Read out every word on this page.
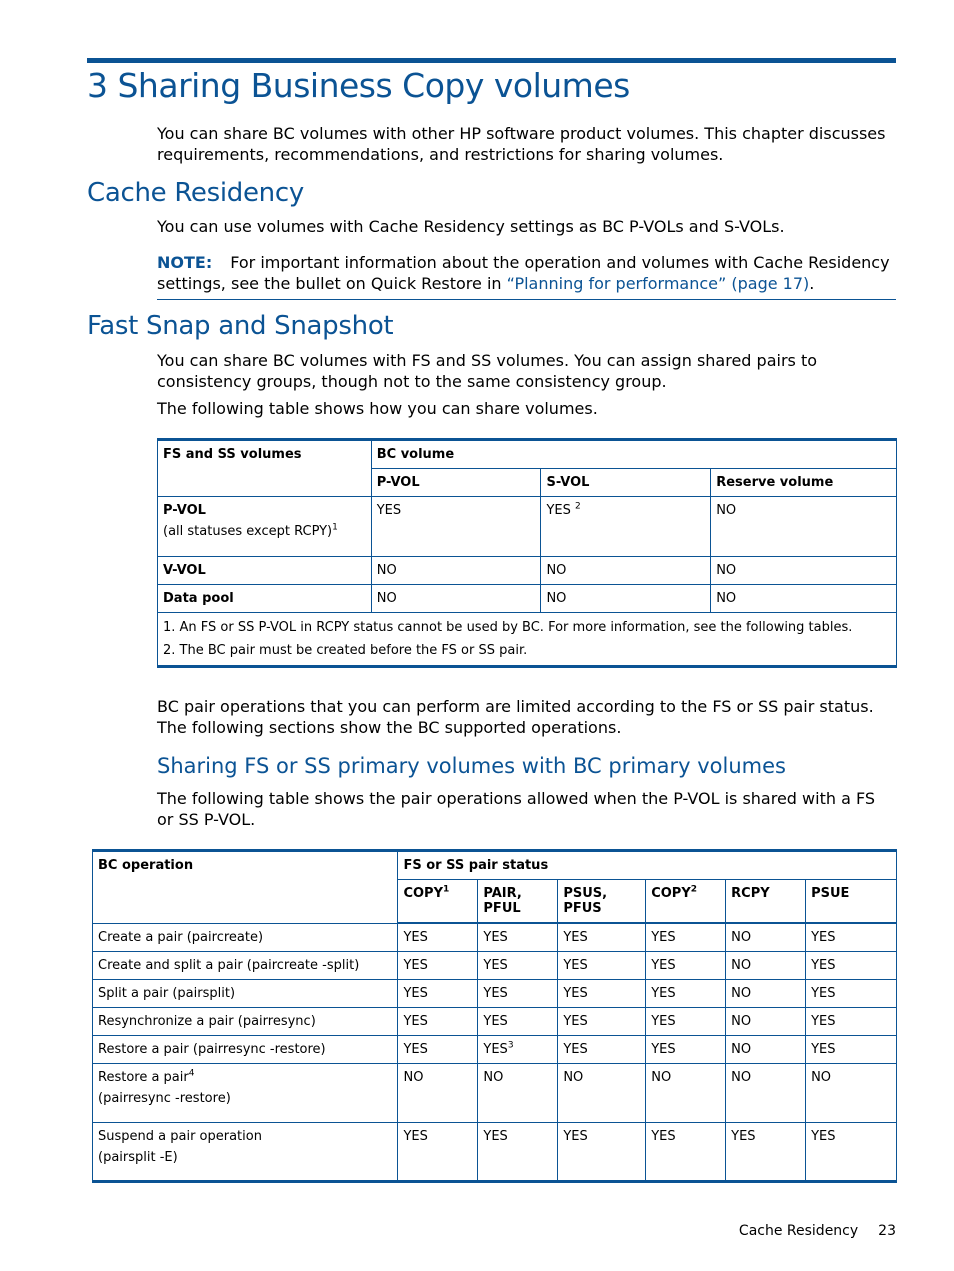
3 Sharing Business Copy volumes

You can share BC volumes with other HP software product volumes. This chapter discusses requirements, recommendations, and restrictions for sharing volumes.

Cache Residency

You can use volumes with Cache Residency settings as BC P-VOLs and S-VOLs.

NOTE: For important information about the operation and volumes with Cache Residency settings, see the bullet on Quick Restore in “Planning for performance” (page 17).
Fast Snap and Snapshot

You can share BC volumes with FS and SS volumes. You can assign shared pairs to consistency groups, though not to the same consistency group.

The following table shows how you can share volumes.

FS and SS volumes	BC volume		
	P-VOL	S-VOL	Reserve volume
P-VOL
(all statuses except RCPY)$^1$	YES	YES $^2$	NO
V-VOL	NO	NO	NO
Data pool	NO	NO	NO

1. An FS or SS P-VOL in RCPY status cannot be used by BC. For more information, see the following tables.
2. The BC pair must be created before the FS or SS pair.			

BC pair operations that you can perform are limited according to the FS or SS pair status. The following sections show the BC supported operations.

Sharing FS or SS primary volumes with BC primary volumes

The following table shows the pair operations allowed when the P-VOL is shared with a FS or SS P-VOL.

BC operation	FS or SS pair status					
	COPY$^1$	PAIR, PFUL	PSUS, PFUS	COPY$^2$	RCPY	PSUE
Create a pair (paircreate)	YES	YES	YES	YES	NO	YES
Create and split a pair (paircreate -split)	YES	YES	YES	YES	NO	YES
Split a pair (pairsplit)	YES	YES	YES	YES	NO	YES
Resynchronize a pair (pairresync)	YES	YES	YES	YES	NO	YES
Restore a pair (pairresync -restore)	YES	YES$^3$	YES	YES	NO	YES
Restore a pair$^4$
(pairresync -restore)	NO	NO	NO	NO	NO	NO
Suspend a pair operation
(pairsplit -E)	YES	YES	YES	YES	YES	YES
Cache Residency 23
